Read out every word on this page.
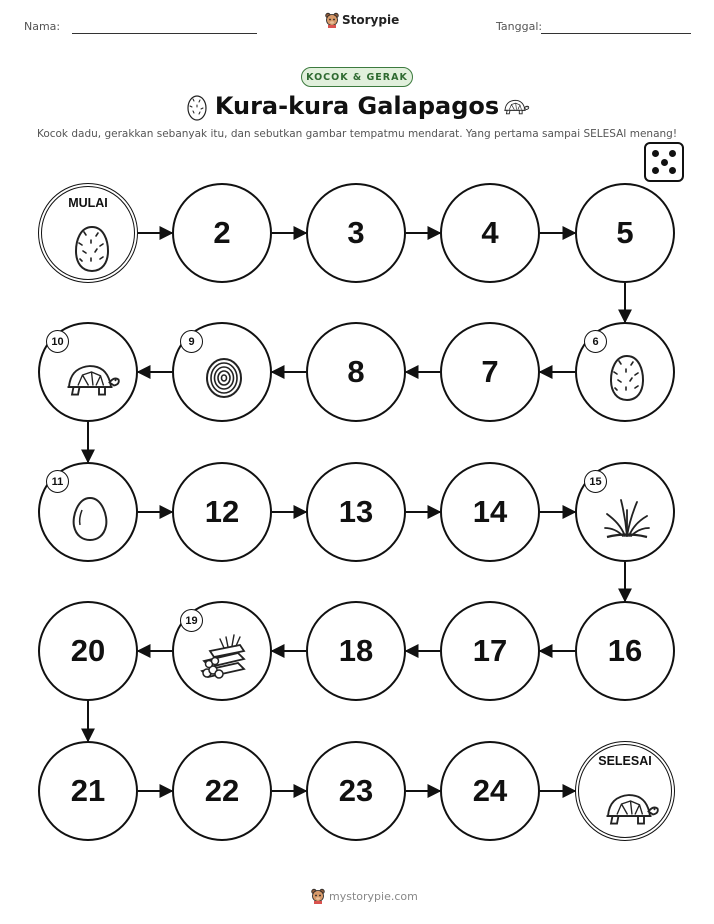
Nama:	Storypie	Tanggal:
KOCOK & GERAK
Kura-kura Galapagos
Kocok dadu, gerakkan sebanyak itu, dan sebutkan gambar tempatmu mendarat. Yang pertama sampai SELESAI menang!
MULAI
2	3	4	5
7
8
12	13	14
16
17
18
20
21	22	23	24
SELESAI
6
9
10
11	15
19
mystorypie.com
